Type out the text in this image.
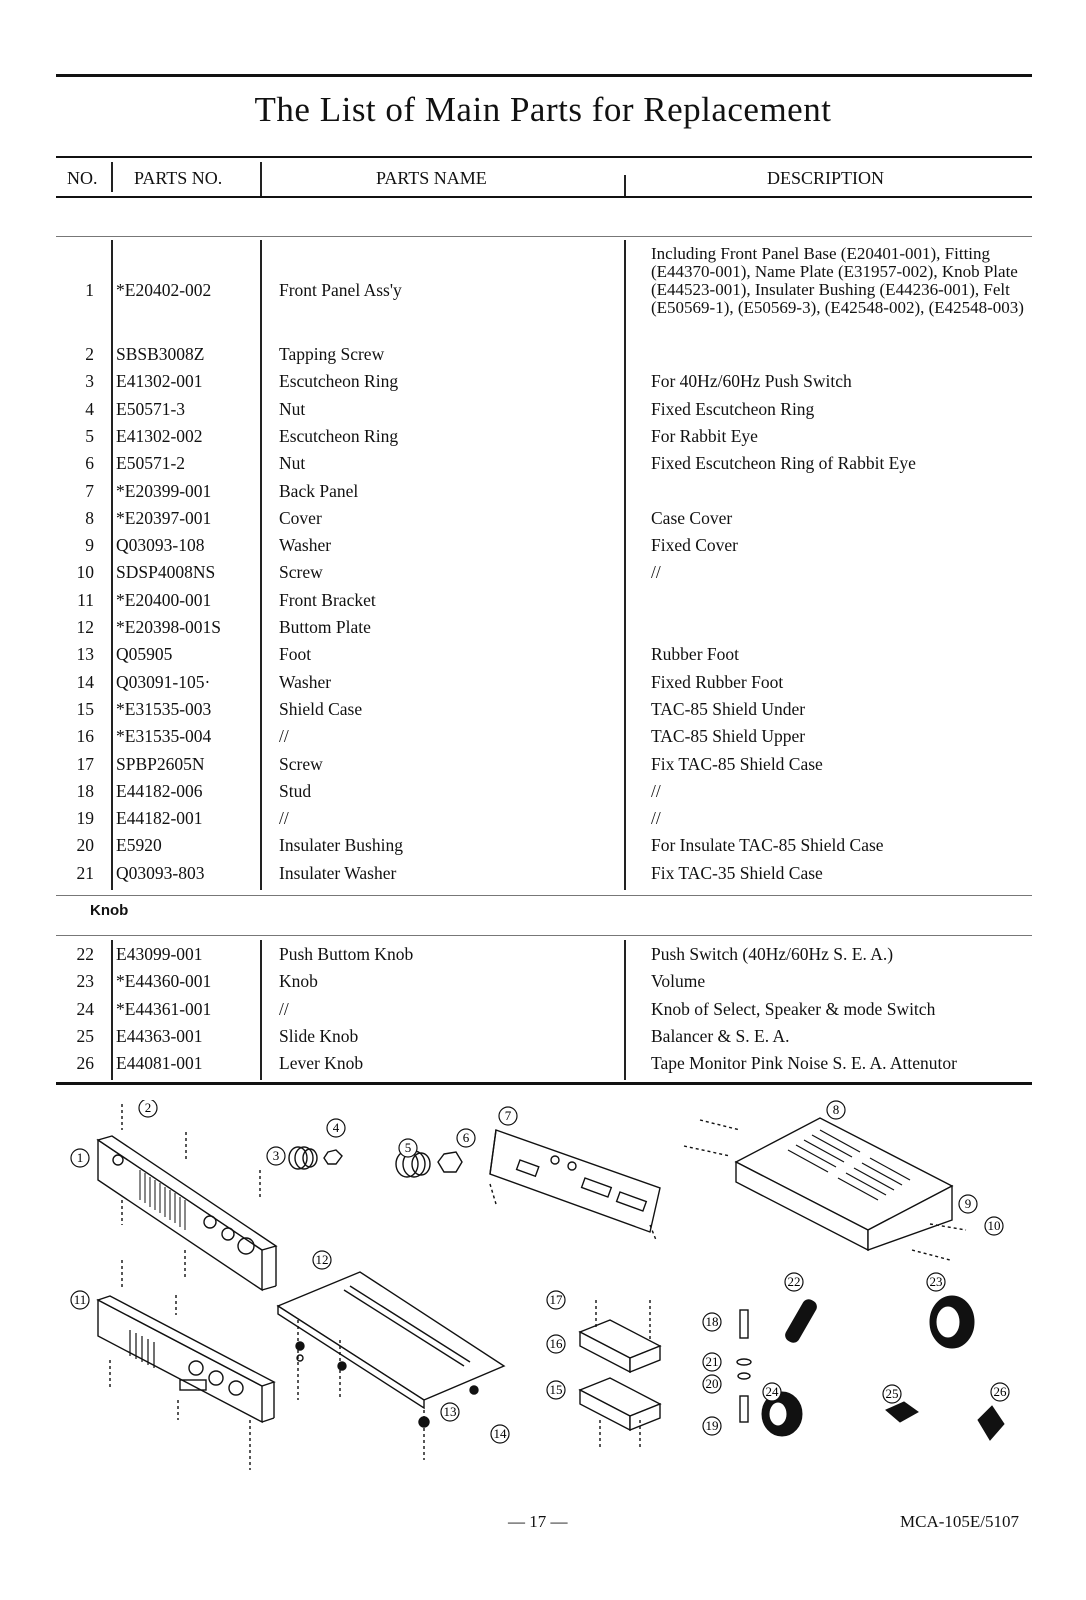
The List of Main Parts for Replacement
NO. PARTS NO.	PARTS NAME	DESCRIPTION
1 *E20402-002	Front Panel Ass'y
Including Front Panel Base (E20401-001), Fitting (E44370-001), Name Plate (E31957-002), Knob Plate (E44523-001), Insulater Bushing (E44236-001), Felt (E50569-1), (E50569-3), (E42548-002), (E42548-003)
2 SBSB3008Z	Tapping Screw
3 E41302-001	Escutcheon Ring	For 40Hz/60Hz Push Switch
4 E50571-3	Nut	Fixed Escutcheon Ring
5 E41302-002	Escutcheon Ring	For Rabbit Eye
6 E50571-2	Nut	Fixed Escutcheon Ring of Rabbit Eye
7 *E20399-001	Back Panel
8 *E20397-001	Cover	Case Cover
9 Q03093-108	Washer	Fixed Cover
10 SDSP4008NS	Screw	//
11 *E20400-001	Front Bracket
12 *E20398-001S	Buttom Plate
13 Q05905	Foot	Rubber Foot
14 Q03091-105·	Washer	Fixed Rubber Foot
15 *E31535-003	Shield Case	TAC-85 Shield Under
16 *E31535-004	//	TAC-85 Shield Upper
17 SPBP2605N	Screw	Fix TAC-85 Shield Case
18 E44182-006	Stud	//
19 E44182-001	//	//
20 E5920	Insulater Bushing	For Insulate TAC-85 Shield Case
21 Q03093-803	Insulater Washer	Fix TAC-35 Shield Case
Knob
22 E43099-001	Push Buttom Knob	Push Switch (40Hz/60Hz S. E. A.)
23 *E44360-001	Knob	Volume
24 *E44361-001	//	Knob of Select, Speaker & mode Switch
25 E44363-001	Slide Knob	Balancer & S. E. A.
26 E44081-001	Lever Knob	Tape Monitor Pink Noise S. E. A. Attenutor
1
2
3
4
5
6
7	8
9
10
11
12
13
14
15
16
17
18
19
20
21
22	23
24	25	26
— 17 —	MCA-105E/5107
